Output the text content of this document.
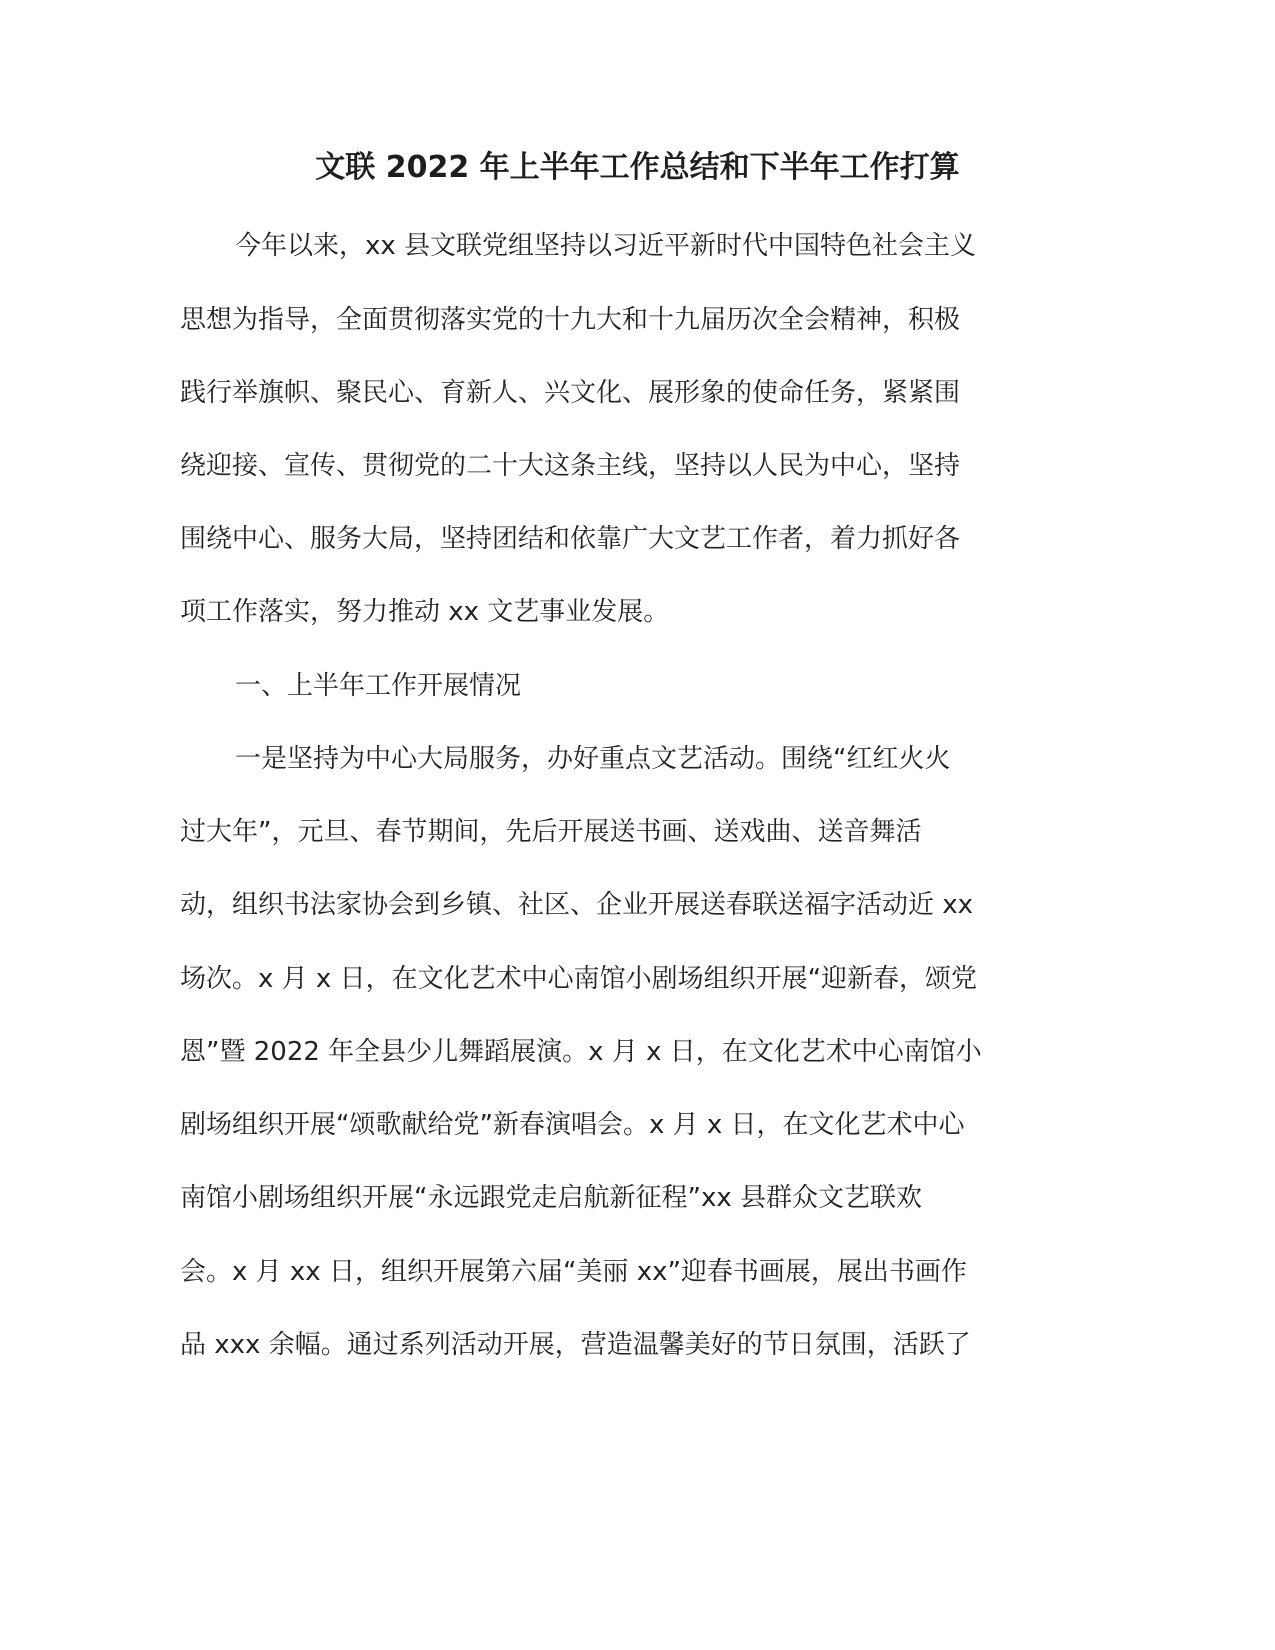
文联 2022 年上半年工作总结和下半年工作打算
今年以来，xx 县文联党组坚持以习近平新时代中国特色社会主义
思想为指导，全面贯彻落实党的十九大和十九届历次全会精神，积极
践行举旗帜、聚民心、育新人、兴文化、展形象的使命任务，紧紧围
绕迎接、宣传、贯彻党的二十大这条主线，坚持以人民为中心，坚持
围绕中心、服务大局，坚持团结和依靠广大文艺工作者，着力抓好各
项工作落实，努力推动 xx 文艺事业发展。
一、上半年工作开展情况
一是坚持为中心大局服务，办好重点文艺活动。围绕“红红火火
过大年”，元旦、春节期间，先后开展送书画、送戏曲、送音舞活
动，组织书法家协会到乡镇、社区、企业开展送春联送福字活动近 xx
场次。x 月 x 日，在文化艺术中心南馆小剧场组织开展“迎新春，颂党
恩”暨 2022 年全县少儿舞蹈展演。x 月 x 日，在文化艺术中心南馆小
剧场组织开展“颂歌献给党”新春演唱会。x 月 x 日，在文化艺术中心
南馆小剧场组织开展“永远跟党走启航新征程”xx 县群众文艺联欢
会。x 月 xx 日，组织开展第六届“美丽 xx”迎春书画展，展出书画作
品 xxx 余幅。通过系列活动开展，营造温馨美好的节日氛围，活跃了
